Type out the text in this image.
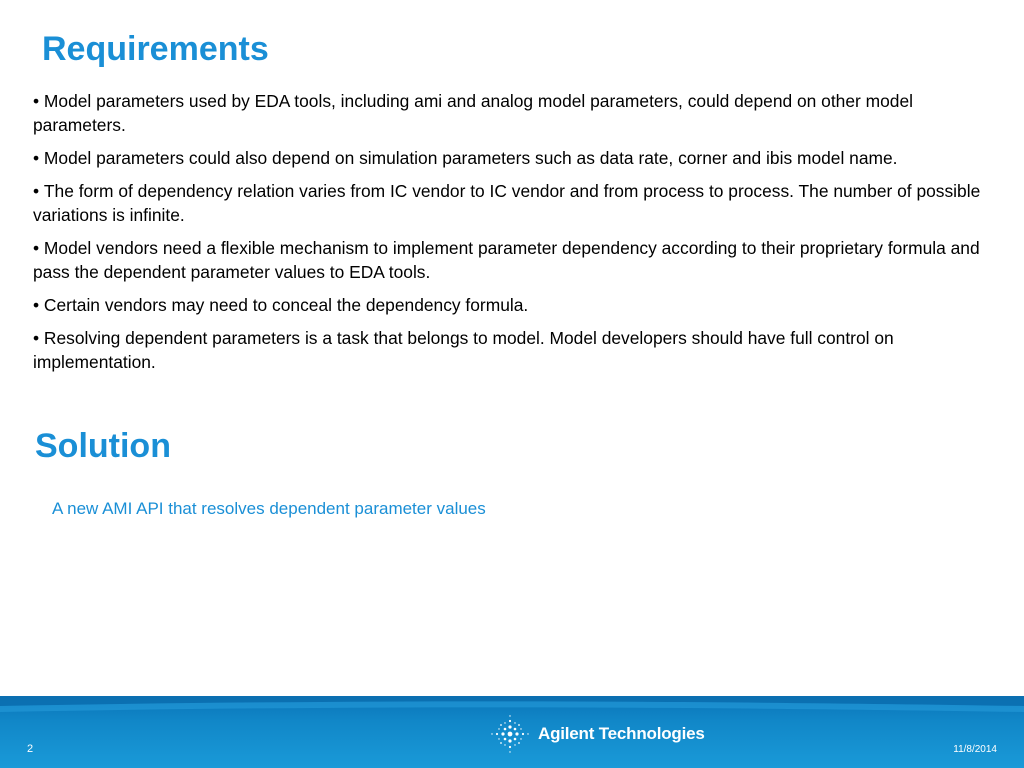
Requirements
• Model parameters used by EDA tools, including ami and analog model parameters, could depend on other model parameters.
• Model parameters could also depend on simulation parameters such as data rate, corner and ibis model name.
• The form of dependency relation varies from IC vendor to IC vendor and from process to process. The number of possible variations is infinite.
• Model vendors need a flexible mechanism to implement parameter dependency according to their proprietary formula and pass the dependent parameter values to EDA tools.
• Certain vendors may need to conceal the dependency formula.
• Resolving dependent parameters is a task that belongs to model. Model developers should have full control on implementation.
Solution

A new AMI API that resolves dependent parameter values

2
Agilent Technologies
11/8/2014
